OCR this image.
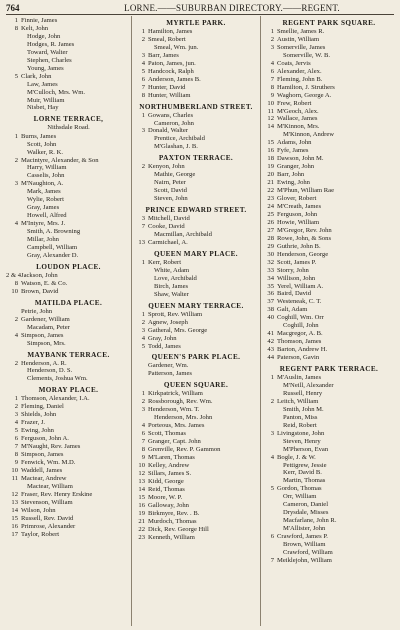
764	LORNE.——SUBURBAN DIRECTORY.——REGENT.
1 Finnie, James
8 Kelt, John
Hodge, John
Hodges, R. James
Toward, Walter
Stephen, Charles
Young, James
5 Clark, John
Law, James
M'Culloch, Mrs. Wm.
Muir, William
Nisbet, Hay
LORNE TERRACE,
Nithsdale Road.
1 Burns, James
Scott, John
Walker, R. K.
2 Macintyre, Alexander, & Son
Harry, William
Casselis, John
3 M'Naughton, A.
Mark, James
Wylie, Robert
Gray, James
Howell, Alfred
4 M'Intyre, Mrs. J.
Smith, A. Browning
Millar, John
Campbell, William
Gray, Alexander D.
LOUDON PLACE.
2 & 4 Jackson, John
8 Watson, E. & Co.
10 Brown, David
MATILDA PLACE.
Petrie, John
2 Gardener, William
Macadam, Peter
4 Simpson, James
Simpson, Mrs.
MAYBANK TERRACE.
2 Henderson, A. R.
Henderson, D. S.
Clements, Joshua Wm.
MORAY PLACE.
1 Thomson, Alexander, I.A.
2 Fleming, Daniel
3 Shields, John
4 Frazer, J.
5 Ewing, John
6 Ferguson, John A.
7 M'Naught, Rev. James
8 Simpson, James
9 Fenwick, Wm. M.D.
10 Waddell, James
11 Mactear, Andrew
Mactear, William
12 Fraser, Rev. Henry Erskine
13 Stevenson, William
14 Wilson, John
15 Russell, Rev. David
16 Primrose, Alexander
17 Taylor, Robert
MYRTLE PARK.
1 Hamilton, James
2 Smeal, Robert
Smeal, Wm. jun.
3 Barr, James
4 Paton, James, jun.
5 Handcock, Ralph
6 Anderson, James B.
7 Hunter, David
8 Hunter, William
NORTHUMBERLAND STREET.
1 Gowans, Charles
Cameron, John
3 Donald, Walter
Prentice, Archibald
M'Glashan, J. B.
PAXTON TERRACE.
2 Kenyon, John
Mathie, George
Nairn, Peter
Scott, David
Steven, John
PRINCE EDWARD STREET.
3 Mitchell, David
7 Cooke, David
Macmillan, Archibald
13 Carmichael, A.
QUEEN MARY PLACE.
1 Kerr, Robert
White, Adam
Love, Archibald
Birch, James
Shaw, Walter
QUEEN MARY TERRACE.
1 Sprott, Rev. William
2 Agnew, Joseph
3 Gatheral, Mrs. George
4 Gray, John
5 Todd, James
QUEEN'S PARK PLACE.
Gardener, Wm.
Patterson, James
QUEEN SQUARE.
1 Kirkpatrick, William
2 Rossborough, Rev. Wm.
3 Henderson, Wm. T.
Henderson, Mrs. John
4 Porteous, Mrs. James
6 Scott, Thomas
7 Granger, Capt. John
8 Grenville, Rev. P. Gammon
9 M'Laren, Thomas
10 Kelley, Andrew
12 Sillars, James S.
13 Kidd, George
14 Reid, Thomas
15 Moore, W. P.
16 Galloway, John
19 Birkmyre, Rev. . B.
21 Murdoch, Thomas
22 Dick, Rev. George Hill
23 Kenneth, William
REGENT PARK SQUARE.
1 Smellie, James R.
2 Austin, William
3 Somerville, James
Somerville, W. B.
4 Coats, Jervis
6 Alexander, Alex.
7 Fleming, John B.
8 Hamilton, J. Struthers
9 Waghorn, George A.
10 Frew, Robert
11 M'Geoch, Alex.
12 Wallace, James
14 M'Kinnon, Mrs.
M'Kinnon, Andrew
15 Adams, John
16 Fyfe, James
18 Dawson, John M.
19 Granger, John
20 Barr, John
21 Ewing, John
22 M'Phun, William Rae
23 Glover, Robert
24 M'Creath, James
25 Ferguson, John
26 Howie, William
27 M'Gregor, Rev. John
28 Rowe, John, & Sons
29 Guthrie, John B.
30 Henderson, George
32 Scott, James P.
33 Storry, John
34 Willison, John
35 Yerel, William A.
36 Baird, David
37 Westeneak, C. T.
38 Galt, Adam
40 Coghill, Wm. Orr
Coghill, John
41 Macgregor, A. B.
42 Thomson, James
43 Barton, Andrew H.
44 Paterson, Gavin
REGENT PARK TERRACE.
1 M'Auslin, James
M'Neill, Alexander
Russell, Henry
2 Leitch, William
Smith, John M.
Panton, Miss
Reid, Robert
3 Livingstone, John
Steven, Henry
M'Pherson, Evan
4 Bogle, J. & W.
Pettigrew, Jessie
Kerr, David B.
Martin, Thomas
5 Gordon, Thomas
Orr, William
Cameron, Daniel
Drysdale, Misses
Macfarlane, John R.
M'Allister, John
6 Crawford, James P.
Brown, William
Crawford, William
7 Meiklejohn, William
